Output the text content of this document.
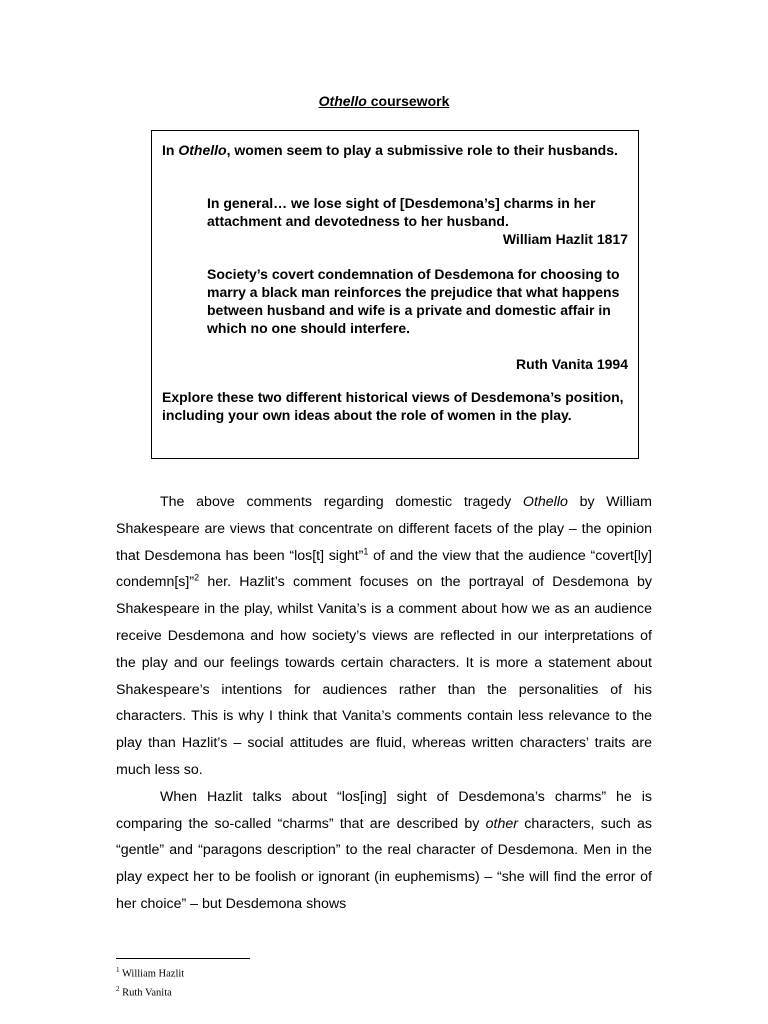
Othello coursework
In Othello, women seem to play a submissive role to their husbands.
In general… we lose sight of [Desdemona’s] charms in her attachment and devotedness to her husband.
William Hazlit 1817
Society’s covert condemnation of Desdemona for choosing to marry a black man reinforces the prejudice that what happens between husband and wife is a private and domestic affair in which no one should interfere.
Ruth Vanita 1994
Explore these two different historical views of Desdemona’s position, including your own ideas about the role of women in the play.

The above comments regarding domestic tragedy Othello by William Shakespeare are views that concentrate on different facets of the play – the opinion that Desdemona has been “los[t] sight”$^1$ of and the view that the audience “covert[ly] condemn[s]”$^2$ her. Hazlit’s comment focuses on the portrayal of Desdemona by Shakespeare in the play, whilst Vanita’s is a comment about how we as an audience receive Desdemona and how society’s views are reflected in our interpretations of the play and our feelings towards certain characters. It is more a statement about Shakespeare’s intentions for audiences rather than the personalities of his characters. This is why I think that Vanita’s comments contain less relevance to the play than Hazlit’s – social attitudes are fluid, whereas written characters’ traits are much less so.

When Hazlit talks about “los[ing] sight of Desdemona’s charms” he is comparing the so-called “charms” that are described by other characters, such as “gentle” and “paragons description” to the real character of Desdemona. Men in the play expect her to be foolish or ignorant (in euphemisms) – “she will find the error of her choice” – but Desdemona shows

$^1$ William Hazlit
$^2$ Ruth Vanita
